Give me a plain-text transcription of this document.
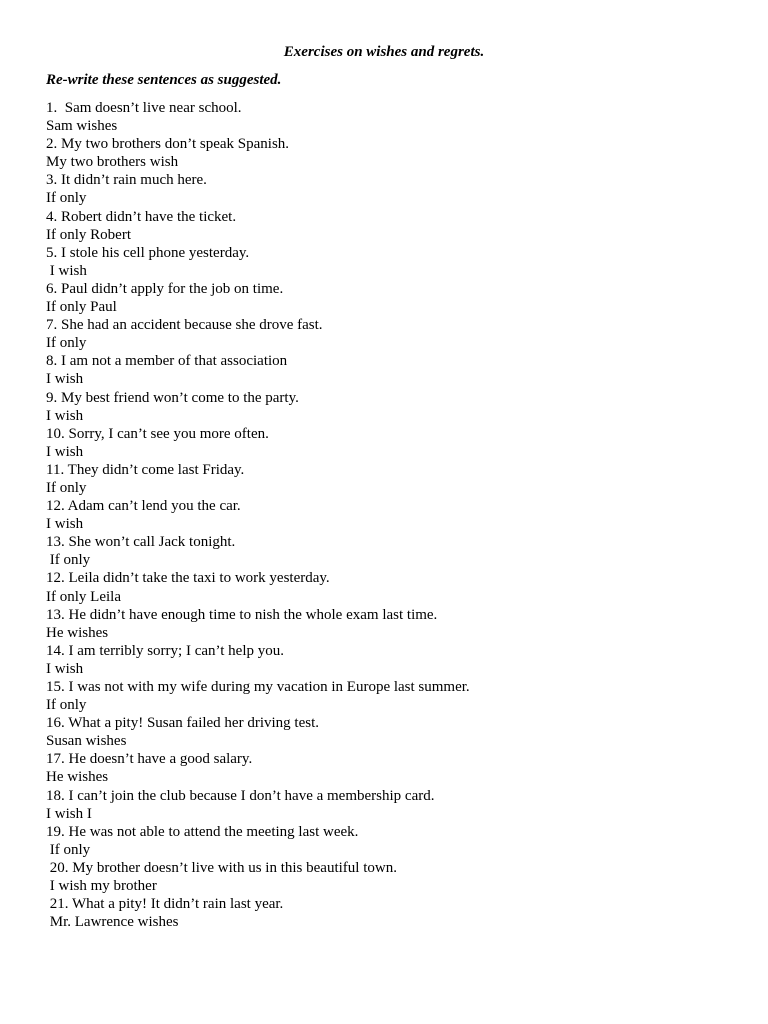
Exercises on wishes and regrets.
Re-write these sentences as suggested.
1.  Sam doesn’t live near school.
Sam wishes
2. My two brothers don’t speak Spanish.
My two brothers wish
3. It didn’t rain much here.
If only
4. Robert didn’t have the ticket.
If only Robert
5. I stole his cell phone yesterday.
I wish
6. Paul didn’t apply for the job on time.
If only Paul
7. She had an accident because she drove fast.
If only
8. I am not a member of that association
I wish
9. My best friend won’t come to the party.
I wish
10. Sorry, I can’t see you more often.
I wish
11. They didn’t come last Friday.
If only
12. Adam can’t lend you the car.
I wish
13. She won’t call Jack tonight.
If only
12. Leila didn’t take the taxi to work yesterday.
If only Leila
13. He didn’t have enough time to nish the whole exam last time.
He wishes
14. I am terribly sorry; I can’t help you.
I wish
15. I was not with my wife during my vacation in Europe last summer.
If only
16. What a pity! Susan failed her driving test.
Susan wishes
17. He doesn’t have a good salary.
He wishes
18. I can’t join the club because I don’t have a membership card.
I wish I
19. He was not able to attend the meeting last week.
If only
20. My brother doesn’t live with us in this beautiful town.
I wish my brother
21. What a pity! It didn’t rain last year.
Mr. Lawrence wishes
